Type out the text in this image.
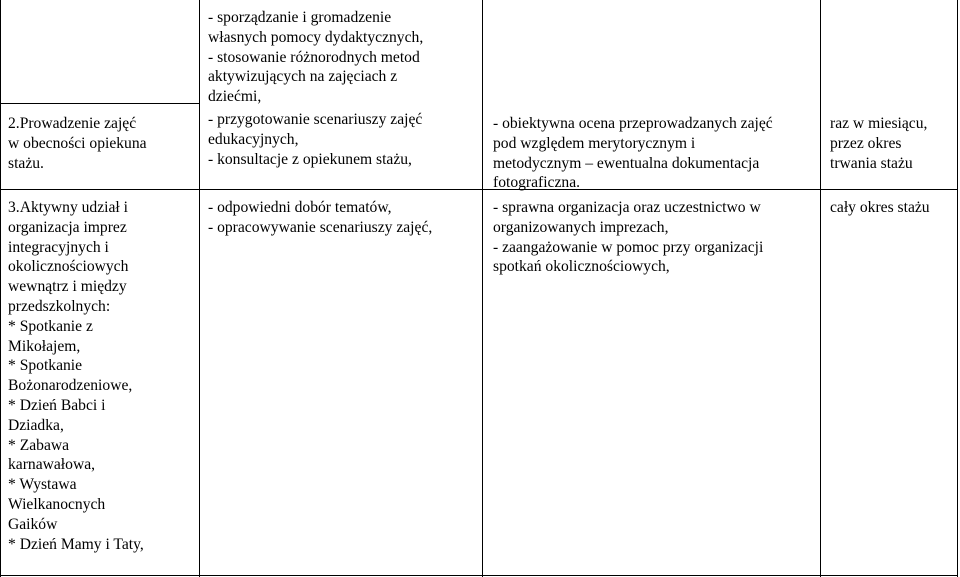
- sporządzanie i gromadzenie
własnych pomocy dydaktycznych,
- stosowanie różnorodnych metod
aktywizujących na zajęciach z
dziećmi,

2.Prowadzenie zajęć
w obecności opiekuna
stażu.

- przygotowanie scenariuszy zajęć
edukacyjnych,
- konsultacje z opiekunem stażu,

- obiektywna ocena przeprowadzanych zajęć
pod względem merytorycznym i
metodycznym – ewentualna dokumentacja
fotograficzna.

raz w miesiącu,
przez okres
trwania stażu

3.Aktywny udział i
organizacja imprez
integracyjnych i
okolicznościowych
wewnątrz i między
przedszkolnych:
* Spotkanie z
Mikołajem,
* Spotkanie
Bożonarodzeniowe,
* Dzień Babci i
Dziadka,
* Zabawa
karnawałowa,
* Wystawa
Wielkanocnych
Gaików
* Dzień Mamy i Taty,

- odpowiedni dobór tematów,
- opracowywanie scenariuszy zajęć,

- sprawna organizacja oraz uczestnictwo w
organizowanych imprezach,
- zaangażowanie w pomoc przy organizacji
spotkań okolicznościowych,

cały okres stażu
